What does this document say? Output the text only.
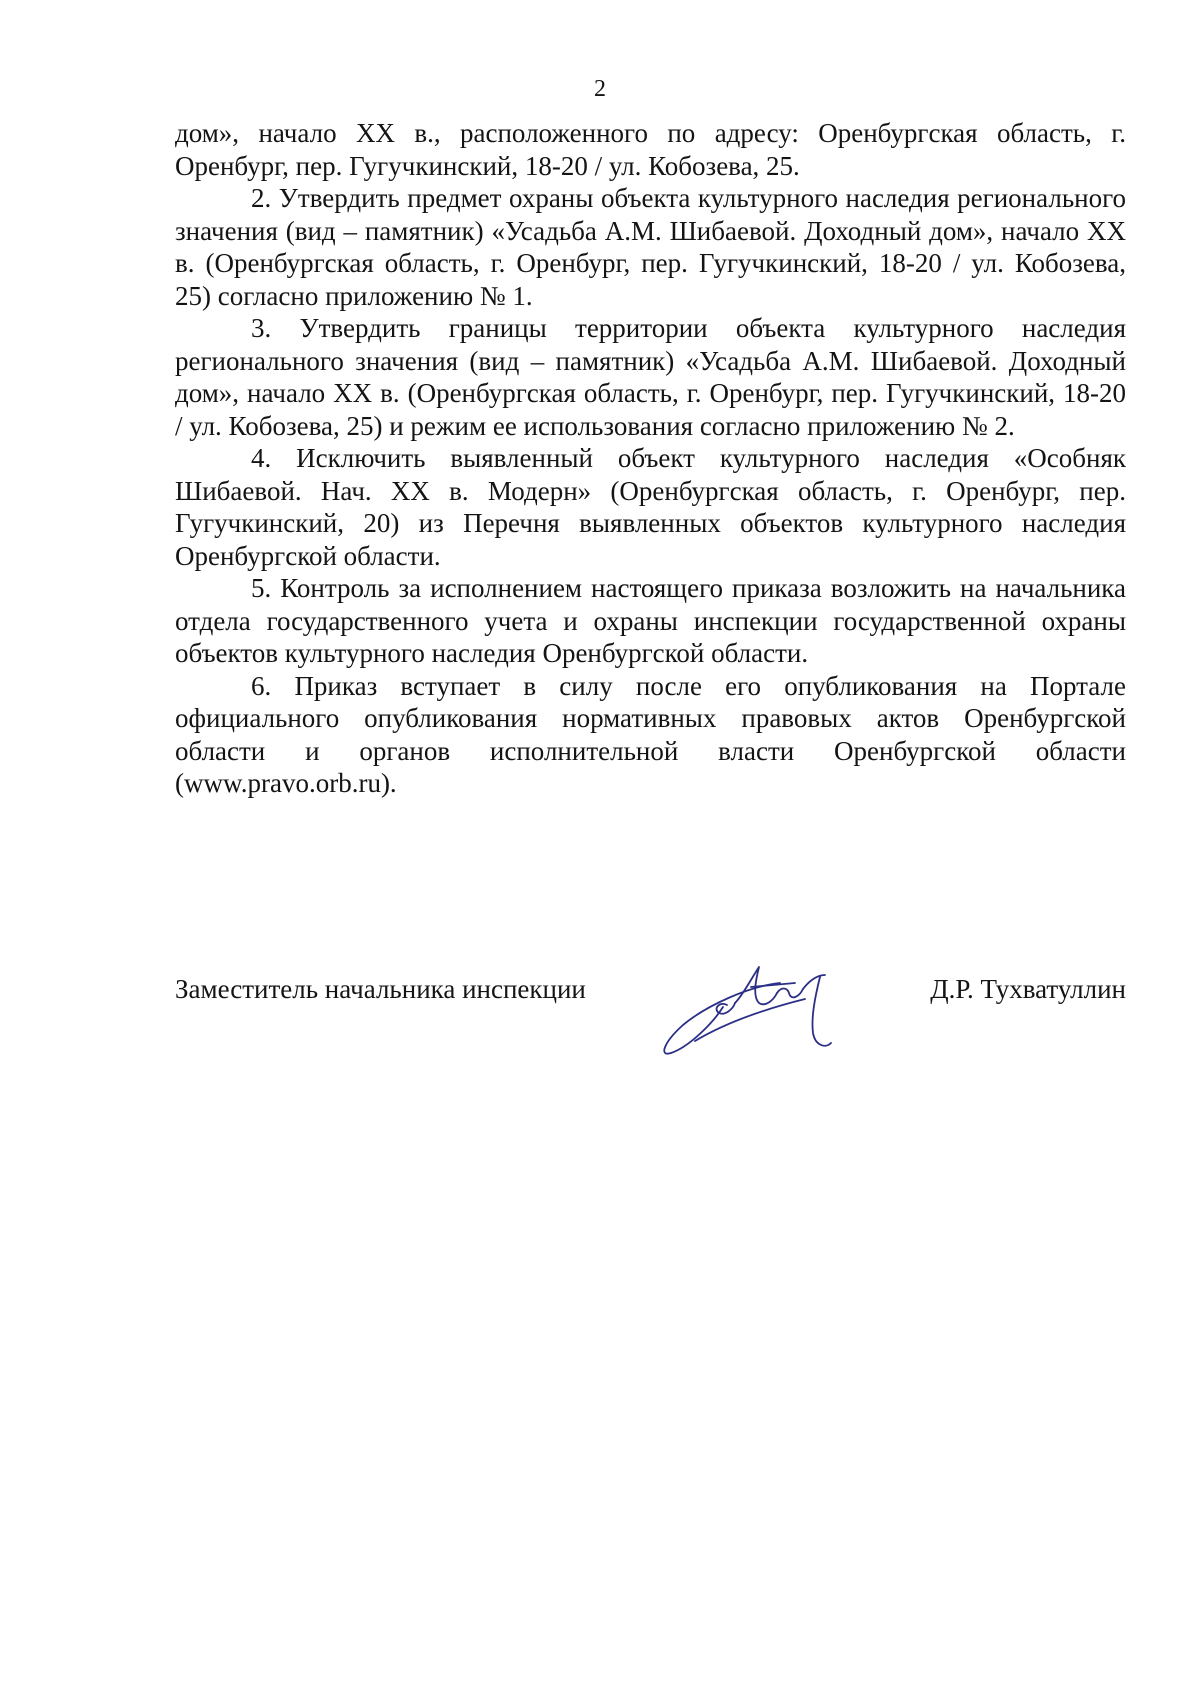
2

дом», начало XX в., расположенного по адресу: Оренбургская область, г. Оренбург, пер. Гугучкинский, 18-20 / ул. Кобозева, 25.

2. Утвердить предмет охраны объекта культурного наследия регионального значения (вид – памятник) «Усадьба А.М. Шибаевой. Доходный дом», начало XX в. (Оренбургская область, г. Оренбург, пер. Гугучкинский, 18-20 / ул. Кобозева, 25) согласно приложению № 1.

3. Утвердить границы территории объекта культурного наследия регионального значения (вид – памятник) «Усадьба А.М. Шибаевой. Доходный дом», начало XX в. (Оренбургская область, г. Оренбург, пер. Гугучкинский, 18-20 / ул. Кобозева, 25) и режим ее использования согласно приложению № 2.

4. Исключить выявленный объект культурного наследия «Особняк Шибаевой. Нач. XX в. Модерн» (Оренбургская область, г. Оренбург, пер. Гугучкинский, 20) из Перечня выявленных объектов культурного наследия Оренбургской области.

5. Контроль за исполнением настоящего приказа возложить на начальника отдела государственного учета и охраны инспекции государственной охраны объектов культурного наследия Оренбургской области.

6. Приказ вступает в силу после его опубликования на Портале официального опубликования нормативных правовых актов Оренбургской области и органов исполнительной власти Оренбургской области (www.pravo.orb.ru).

Заместитель начальника инспекции	Д.Р. Тухватуллин
